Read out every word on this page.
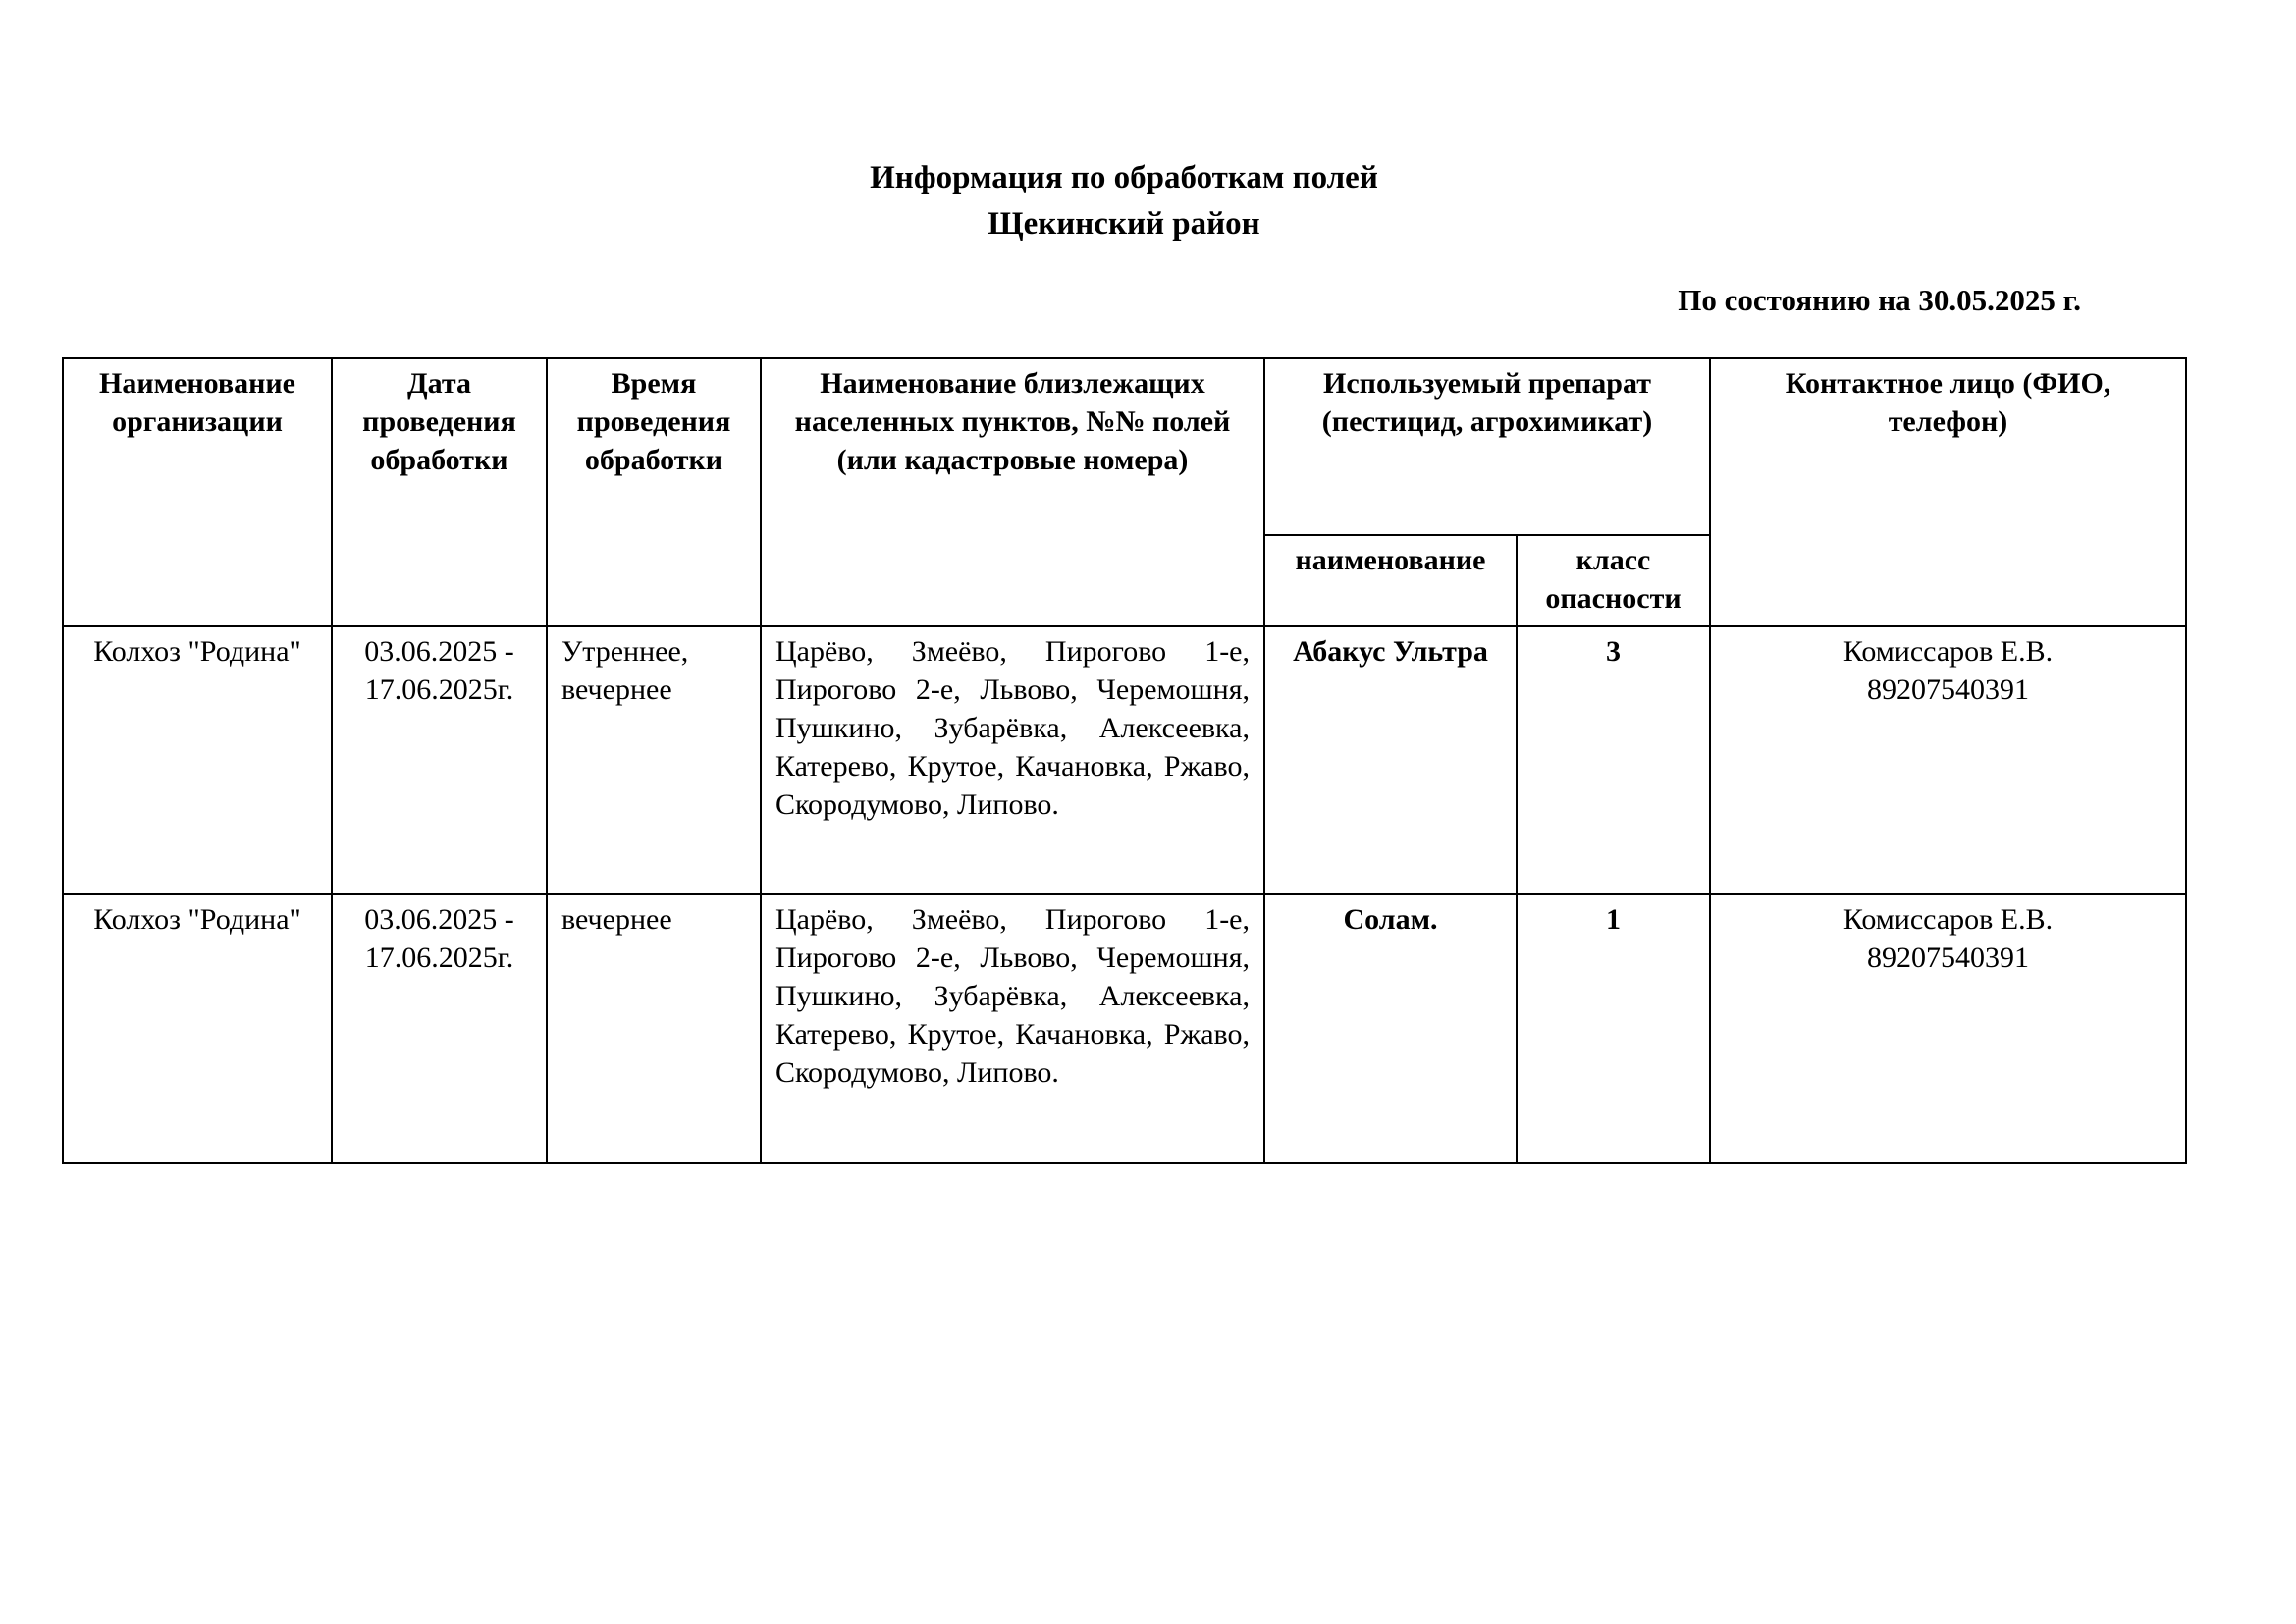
Информация по обработкам полей
Щекинский район
По состоянию на 30.05.2025 г.
Наименование организации	Дата проведения обработки	Время проведения обработки	Наименование близлежащих населенных пунктов, №№ полей (или кадастровые номера)	Используемый препарат (пестицид, агрохимикат)		Контактное лицо (ФИО, телефон)
				наименование	класс опасности	
Колхоз "Родина"	03.06.2025 - 17.06.2025г.	Утреннее, вечернее	Царёво, Змеёво, Пирогово 1-е, Пирогово 2-е, Львово, Черемошня, Пушкино, Зубарёвка, Алексеевка, Катерево, Крутое, Качановка, Ржаво, Скородумово, Липово.	Абакус Ультра	3	Комиссаров Е.В.
89207540391

Колхоз "Родина"	03.06.2025 - 17.06.2025г.	вечернее	Царёво, Змеёво, Пирогово 1-е, Пирогово 2-е, Львово, Черемошня, Пушкино, Зубарёвка, Алексеевка, Катерево, Крутое, Качановка, Ржаво, Скородумово, Липово.	Солам.	1	Комиссаров Е.В.
89207540391
